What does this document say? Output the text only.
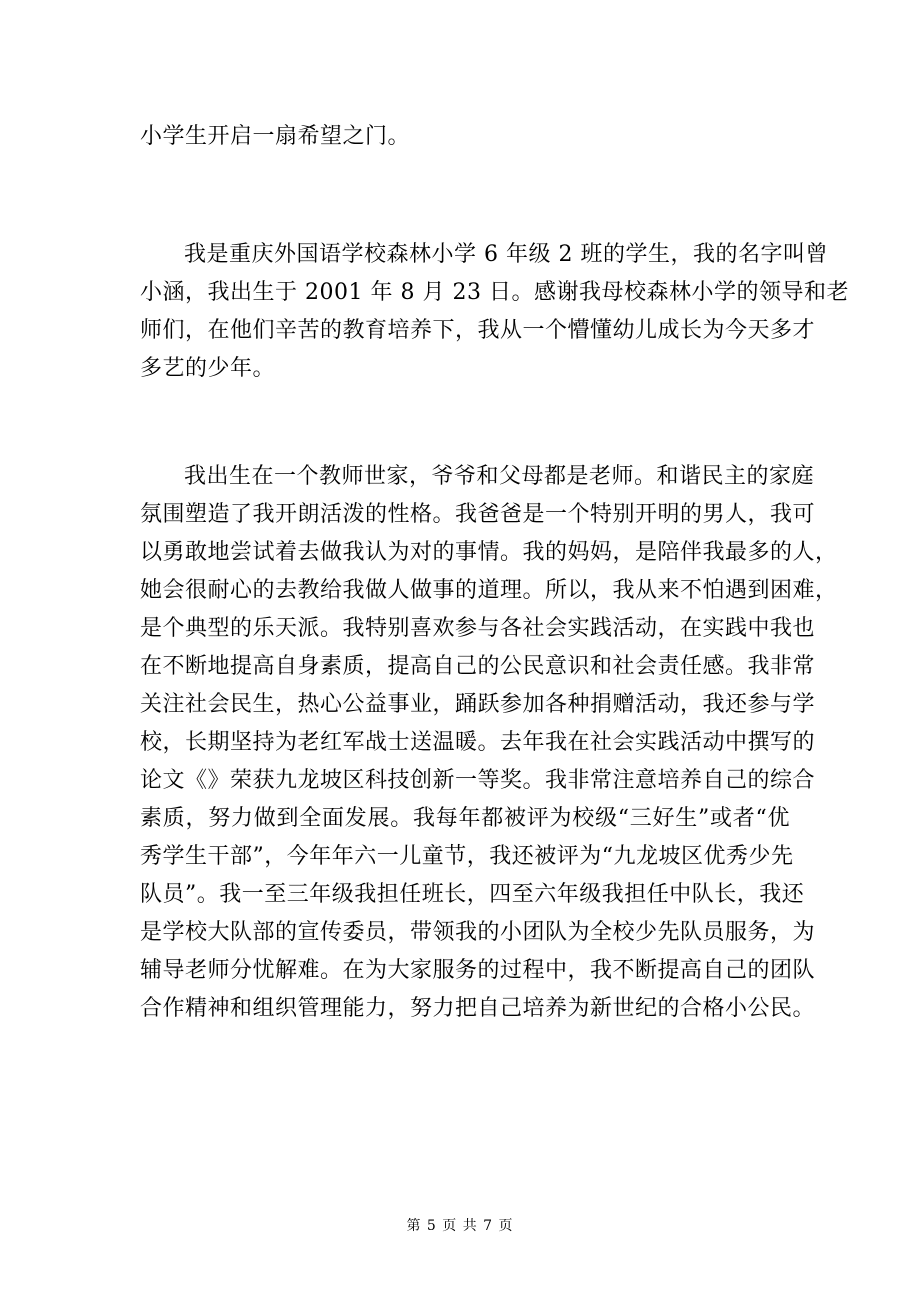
小学生开启一扇希望之门。
我是重庆外国语学校森林小学 6 年级 2 班的学生，我的名字叫曾
小涵，我出生于 2001 年 8 月 23 日。感谢我母校森林小学的领导和老
师们，在他们辛苦的教育培养下，我从一个懵懂幼儿成长为今天多才
多艺的少年。
我出生在一个教师世家，爷爷和父母都是老师。和谐民主的家庭
氛围塑造了我开朗活泼的性格。我爸爸是一个特别开明的男人，我可
以勇敢地尝试着去做我认为对的事情。我的妈妈，是陪伴我最多的人，
她会很耐心的去教给我做人做事的道理。所以，我从来不怕遇到困难，
是个典型的乐天派。我特别喜欢参与各社会实践活动，在实践中我也
在不断地提高自身素质，提高自己的公民意识和社会责任感。我非常
关注社会民生，热心公益事业，踊跃参加各种捐赠活动，我还参与学
校，长期坚持为老红军战士送温暖。去年我在社会实践活动中撰写的
论文《》荣获九龙坡区科技创新一等奖。我非常注意培养自己的综合
素质，努力做到全面发展。我每年都被评为校级“三好生”或者“优
秀学生干部”，今年年六一儿童节，我还被评为“九龙坡区优秀少先
队员”。我一至三年级我担任班长，四至六年级我担任中队长，我还
是学校大队部的宣传委员，带领我的小团队为全校少先队员服务，为
辅导老师分忧解难。在为大家服务的过程中，我不断提高自己的团队
合作精神和组织管理能力，努力把自己培养为新世纪的合格小公民。
第 5 页 共 7 页
